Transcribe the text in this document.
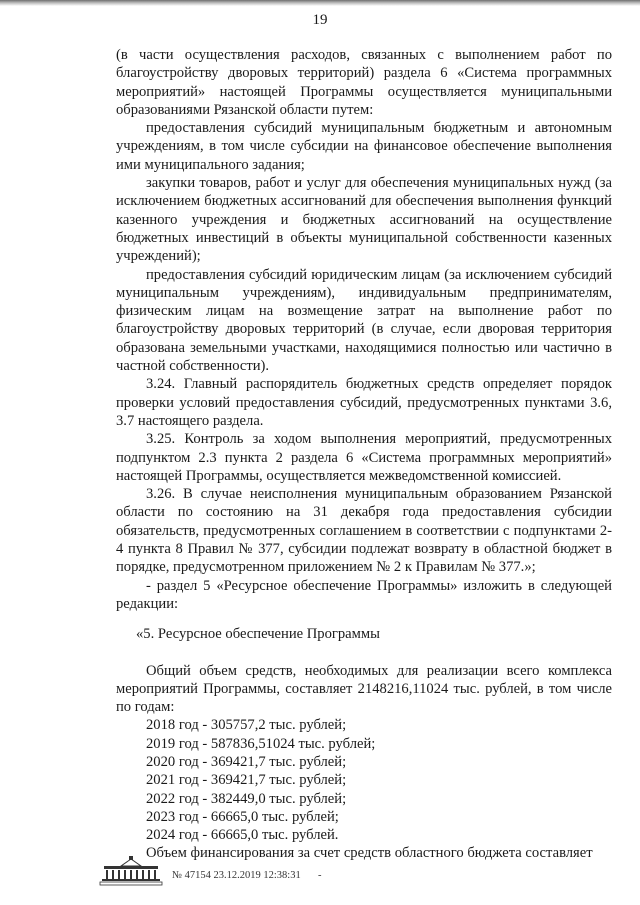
19

(в части осуществления расходов, связанных с выполнением работ по благоустройству дворовых территорий) раздела 6 «Система программных мероприятий» настоящей Программы осуществляется муниципальными образованиями Рязанской области путем:

предоставления субсидий муниципальным бюджетным и автономным учреждениям, в том числе субсидии на финансовое обеспечение выполнения ими муниципального задания;

закупки товаров, работ и услуг для обеспечения муниципальных нужд (за исключением бюджетных ассигнований для обеспечения выполнения функций казенного учреждения и бюджетных ассигнований на осуществление бюджетных инвестиций в объекты муниципальной собственности казенных учреждений);

предоставления субсидий юридическим лицам (за исключением субсидий муниципальным учреждениям), индивидуальным предпринимателям, физическим лицам на возмещение затрат на выполнение работ по благоустройству дворовых территорий (в случае, если дворовая территория образована земельными участками, находящимися полностью или частично в частной собственности).

3.24. Главный распорядитель бюджетных средств определяет порядок проверки условий предоставления субсидий, предусмотренных пунктами 3.6, 3.7 настоящего раздела.

3.25. Контроль за ходом выполнения мероприятий, предусмотренных подпунктом 2.3 пункта 2 раздела 6 «Система программных мероприятий» настоящей Программы, осуществляется межведомственной комиссией.

3.26. В случае неисполнения муниципальным образованием Рязанской области по состоянию на 31 декабря года предоставления субсидии обязательств, предусмотренных соглашением в соответствии с подпунктами 2-4 пункта 8 Правил № 377, субсидии подлежат возврату в областной бюджет в порядке, предусмотренном приложением № 2 к Правилам № 377.»;

- раздел 5 «Ресурсное обеспечение Программы» изложить в следующей редакции:

«5. Ресурсное обеспечение Программы

Общий объем средств, необходимых для реализации всего комплекса мероприятий Программы, составляет 2148216,11024 тыс. рублей, в том числе по годам:

2018 год - 305757,2 тыс. рублей;

2019 год - 587836,51024 тыс. рублей;

2020 год - 369421,7 тыс. рублей;

2021 год - 369421,7 тыс. рублей;

2022 год - 382449,0 тыс. рублей;

2023 год - 66665,0 тыс. рублей;

2024 год - 66665,0 тыс. рублей.

Объем финансирования за счет средств областного бюджета составляет

№ 47154 23.12.2019 12:38:31 -
